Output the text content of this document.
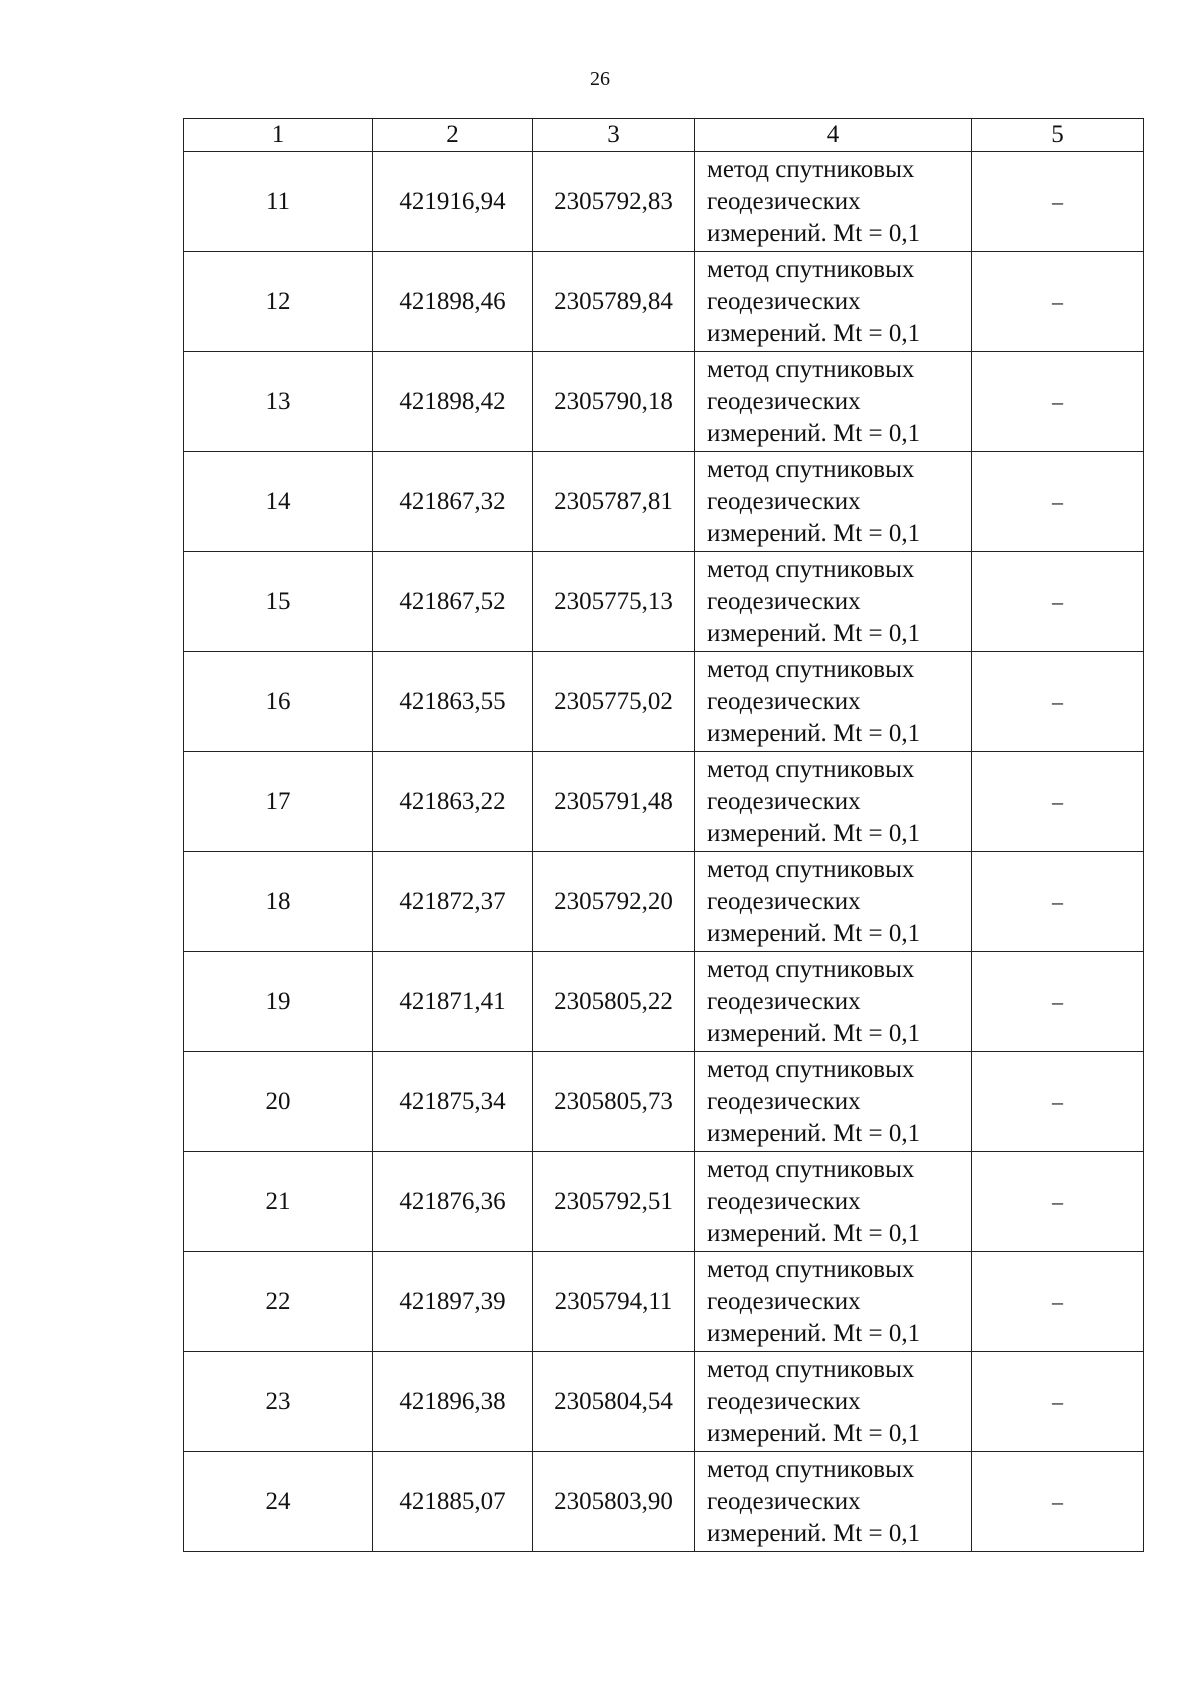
26
1	2	3	4	5
11	421916,94	2305792,83	метод спутниковых
геодезических
измерений. Mt = 0,1	–
12	421898,46	2305789,84	метод спутниковых
геодезических
измерений. Mt = 0,1	–
13	421898,42	2305790,18	метод спутниковых
геодезических
измерений. Mt = 0,1	–
14	421867,32	2305787,81	метод спутниковых
геодезических
измерений. Mt = 0,1	–
15	421867,52	2305775,13	метод спутниковых
геодезических
измерений. Mt = 0,1	–
16	421863,55	2305775,02	метод спутниковых
геодезических
измерений. Mt = 0,1	–
17	421863,22	2305791,48	метод спутниковых
геодезических
измерений. Mt = 0,1	–
18	421872,37	2305792,20	метод спутниковых
геодезических
измерений. Mt = 0,1	–
19	421871,41	2305805,22	метод спутниковых
геодезических
измерений. Mt = 0,1	–
20	421875,34	2305805,73	метод спутниковых
геодезических
измерений. Mt = 0,1	–
21	421876,36	2305792,51	метод спутниковых
геодезических
измерений. Mt = 0,1	–
22	421897,39	2305794,11	метод спутниковых
геодезических
измерений. Mt = 0,1	–
23	421896,38	2305804,54	метод спутниковых
геодезических
измерений. Mt = 0,1	–
24	421885,07	2305803,90	метод спутниковых
геодезических
измерений. Mt = 0,1	–
